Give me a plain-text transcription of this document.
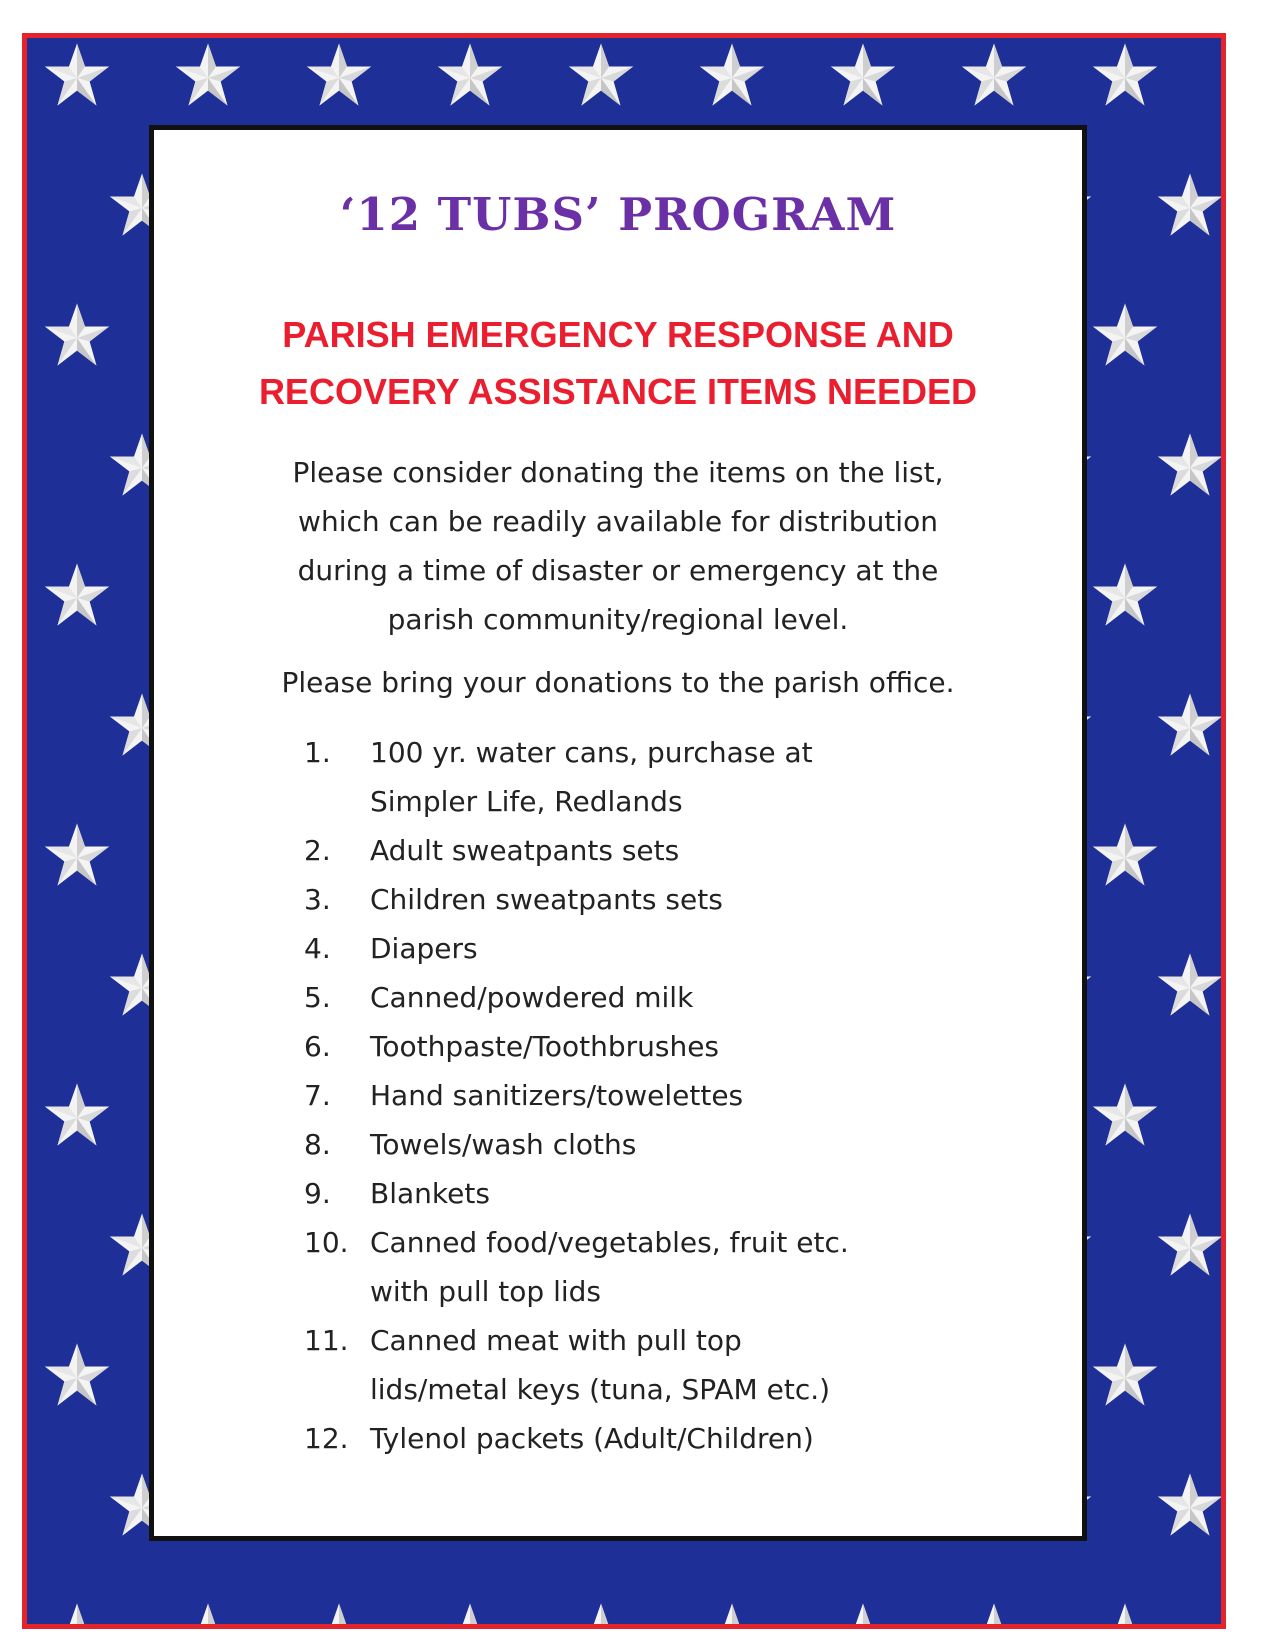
‘12 TUBS’ PROGRAM
PARISH EMERGENCY RESPONSE AND
RECOVERY ASSISTANCE ITEMS NEEDED
Please consider donating the items on the list,
which can be readily available for distribution
during a time of disaster or emergency at the
parish community/regional level.
Please bring your donations to the parish office.
1.	100 yr. water cans, purchase at
Simpler Life, Redlands
2.	Adult sweatpants sets
3.	Children sweatpants sets
4.	Diapers
5.	Canned/powdered milk
6.	Toothpaste/Toothbrushes
7.	Hand sanitizers/towelettes
8.	Towels/wash cloths
9.	Blankets
10. Canned food/vegetables, fruit etc.
with pull top lids
11. Canned meat with pull top
lids/metal keys (tuna, SPAM etc.)
12. Tylenol packets (Adult/Children)
